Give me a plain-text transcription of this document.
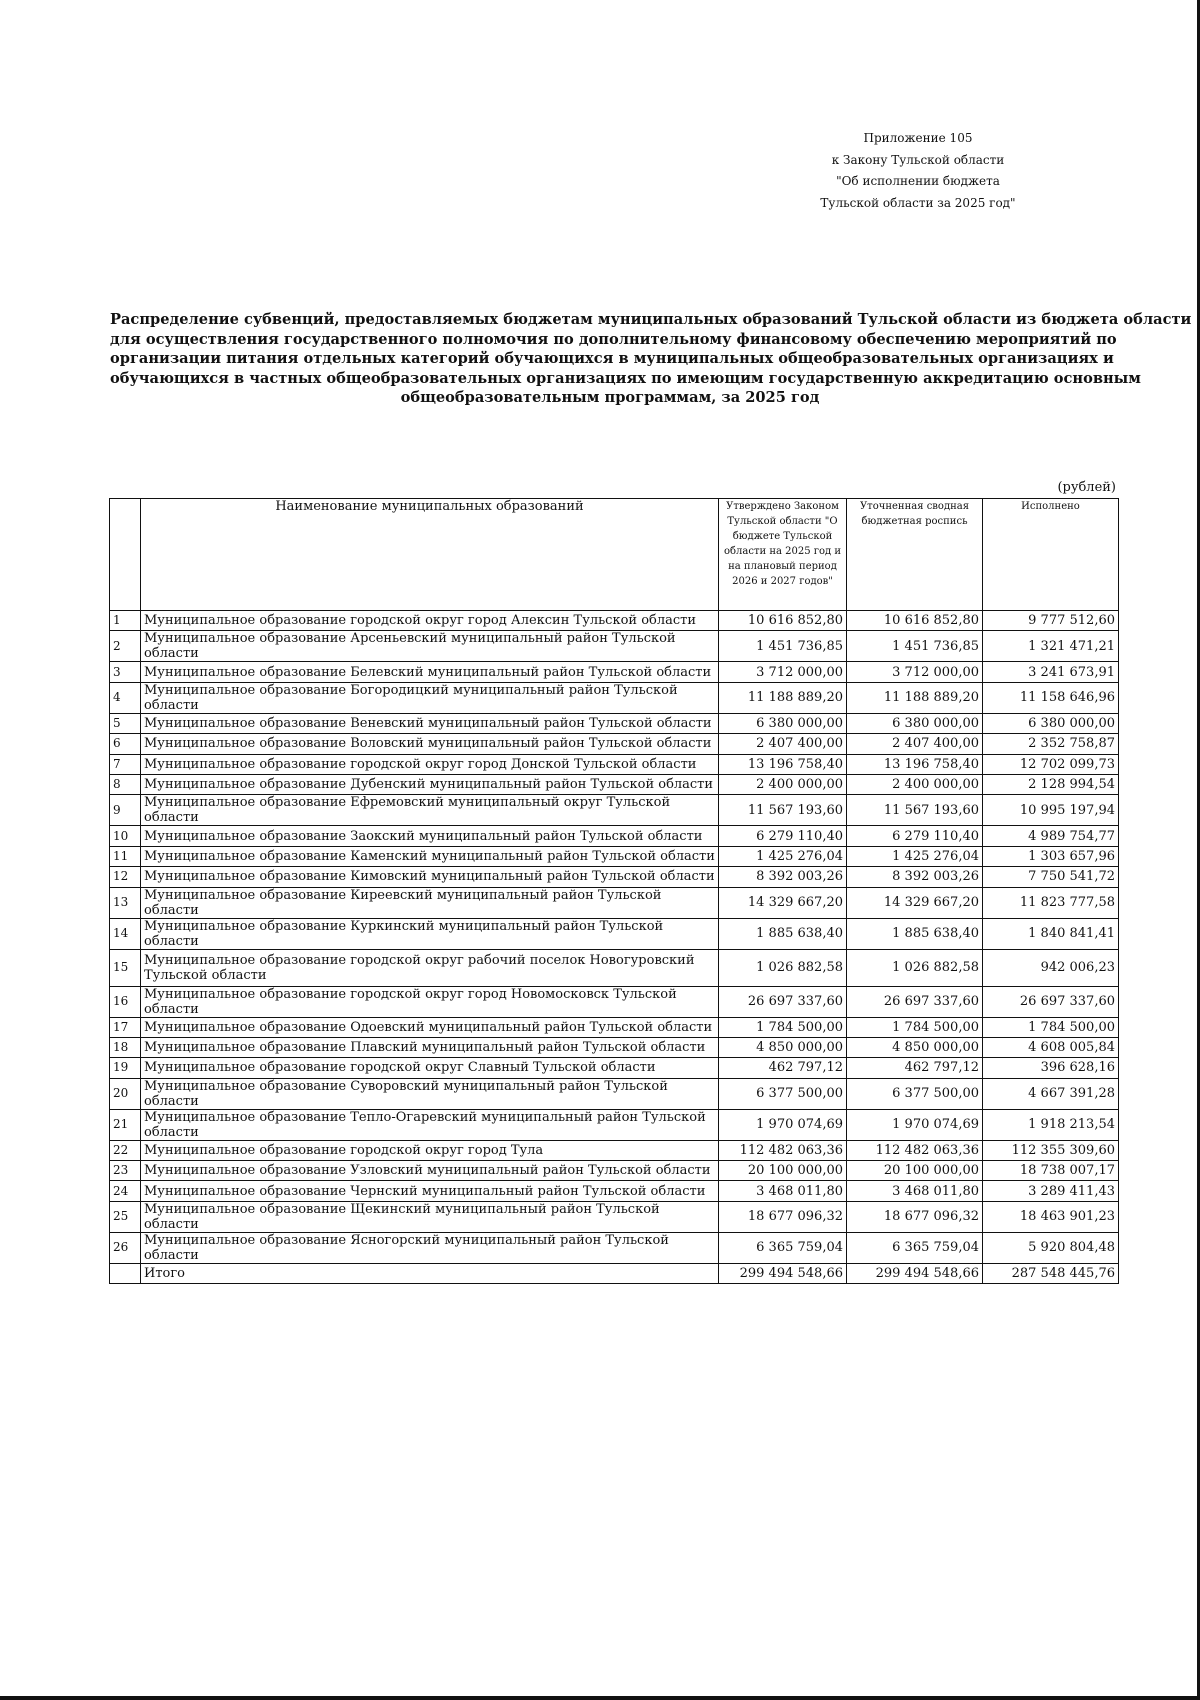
Приложение 105
к Закону Тульской области
"Об исполнении бюджета
Тульской области за 2025 год"
Распределение субвенций, предоставляемых бюджетам муниципальных образований Тульской области из бюджета области
для осуществления государственного полномочия по дополнительному финансовому обеспечению мероприятий по
организации питания отдельных категорий обучающихся в муниципальных общеобразовательных организациях и
обучающихся в частных общеобразовательных организациях по имеющим государственную аккредитацию основным
общеобразовательным программам, за 2025 год
(рублей)
	Наименование муниципальных образований	Утверждено Законом Тульской области "О бюджете Тульской области на 2025 год и на плановый период 2026 и 2027 годов"	Уточненная сводная бюджетная роспись	Исполнено
1	Муниципальное образование городской округ город Алексин Тульской области	10 616 852,80	10 616 852,80	9 777 512,60
2	Муниципальное образование Арсеньевский муниципальный район Тульской области	1 451 736,85	1 451 736,85	1 321 471,21
3	Муниципальное образование Белевский муниципальный район Тульской области	3 712 000,00	3 712 000,00	3 241 673,91
4	Муниципальное образование Богородицкий муниципальный район Тульской области	11 188 889,20	11 188 889,20	11 158 646,96
5	Муниципальное образование Веневский муниципальный район Тульской области	6 380 000,00	6 380 000,00	6 380 000,00
6	Муниципальное образование Воловский муниципальный район Тульской области	2 407 400,00	2 407 400,00	2 352 758,87
7	Муниципальное образование городской округ город Донской Тульской области	13 196 758,40	13 196 758,40	12 702 099,73
8	Муниципальное образование Дубенский муниципальный район Тульской области	2 400 000,00	2 400 000,00	2 128 994,54
9	Муниципальное образование Ефремовский муниципальный округ Тульской области	11 567 193,60	11 567 193,60	10 995 197,94
10	Муниципальное образование Заокский муниципальный район Тульской области	6 279 110,40	6 279 110,40	4 989 754,77
11	Муниципальное образование Каменский муниципальный район Тульской области	1 425 276,04	1 425 276,04	1 303 657,96
12	Муниципальное образование Кимовский муниципальный район Тульской области	8 392 003,26	8 392 003,26	7 750 541,72
13	Муниципальное образование Киреевский муниципальный район Тульской области	14 329 667,20	14 329 667,20	11 823 777,58
14	Муниципальное образование Куркинский муниципальный район Тульской области	1 885 638,40	1 885 638,40	1 840 841,41
15	Муниципальное образование городской округ рабочий поселок Новогуровский Тульской области	1 026 882,58	1 026 882,58	942 006,23
16	Муниципальное образование городской округ город Новомосковск Тульской области	26 697 337,60	26 697 337,60	26 697 337,60
17	Муниципальное образование Одоевский муниципальный район Тульской области	1 784 500,00	1 784 500,00	1 784 500,00
18	Муниципальное образование Плавский муниципальный район Тульской области	4 850 000,00	4 850 000,00	4 608 005,84
19	Муниципальное образование городской округ Славный Тульской области	462 797,12	462 797,12	396 628,16
20	Муниципальное образование Суворовский муниципальный район Тульской области	6 377 500,00	6 377 500,00	4 667 391,28
21	Муниципальное образование Тепло-Огаревский муниципальный район Тульской области	1 970 074,69	1 970 074,69	1 918 213,54
22	Муниципальное образование городской округ город Тула	112 482 063,36	112 482 063,36	112 355 309,60
23	Муниципальное образование Узловский муниципальный район Тульской области	20 100 000,00	20 100 000,00	18 738 007,17
24	Муниципальное образование Чернский муниципальный район Тульской области	3 468 011,80	3 468 011,80	3 289 411,43
25	Муниципальное образование Щекинский муниципальный район Тульской области	18 677 096,32	18 677 096,32	18 463 901,23
26	Муниципальное образование Ясногорский муниципальный район Тульской области	6 365 759,04	6 365 759,04	5 920 804,48
	Итого	299 494 548,66	299 494 548,66	287 548 445,76
